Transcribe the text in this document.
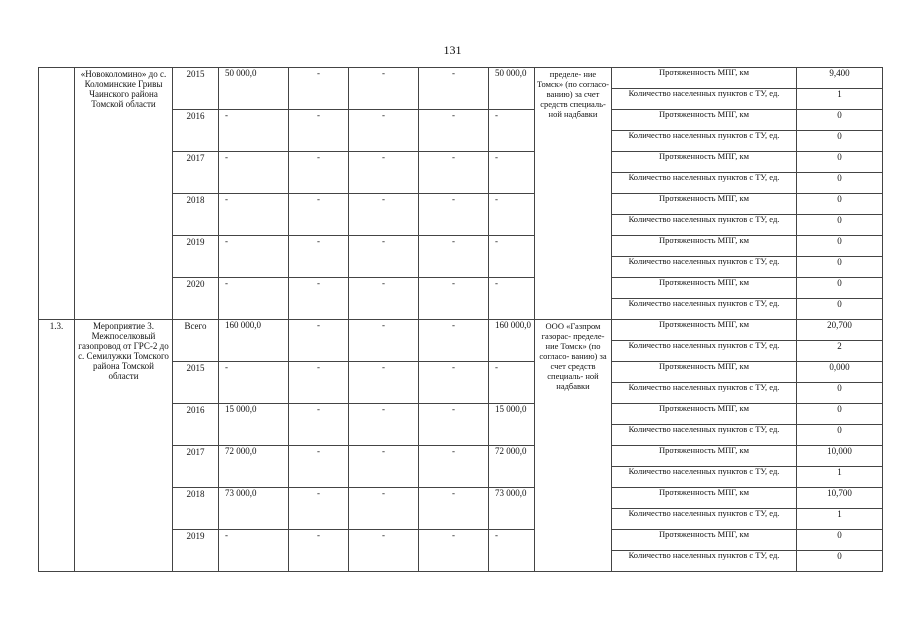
131
	«Новоколомино» до с. Коломинские Гривы Чаинского района Томской области	2015	50 000,0	-	-	-	50 000,0	пределе- ние Томск» (по согласо- ванию) за счет средств специаль- ной надбавки	Протяженность МПГ, км	9,400
									Количество населенных пунктов с ТУ, ед.	1
		2016	-	-	-	-	-		Протяженность МПГ, км	0
									Количество населенных пунктов с ТУ, ед.	0
		2017	-	-	-	-	-		Протяженность МПГ, км	0
									Количество населенных пунктов с ТУ, ед.	0
		2018	-	-	-	-	-		Протяженность МПГ, км	0
									Количество населенных пунктов с ТУ, ед.	0
		2019	-	-	-	-	-		Протяженность МПГ, км	0
									Количество населенных пунктов с ТУ, ед.	0
		2020	-	-	-	-	-		Протяженность МПГ, км	0
									Количество населенных пунктов с ТУ, ед.	0
1.3.	Мероприятие 3. Межпоселковый газопровод от ГРС-2 до с. Семилужки Томского района Томской области	Всего	160 000,0	-	-	-	160 000,0	ООО «Газпром газорас- пределе- ние Томск» (по согласо- ванию) за счет средств специаль- ной надбавки	Протяженность МПГ, км	20,700
									Количество населенных пунктов с ТУ, ед.	2
		2015	-	-	-	-	-		Протяженность МПГ, км	0,000
									Количество населенных пунктов с ТУ, ед.	0
		2016	15 000,0	-	-	-	15 000,0		Протяженность МПГ, км	0
									Количество населенных пунктов с ТУ, ед.	0
		2017	72 000,0	-	-	-	72 000,0		Протяженность МПГ, км	10,000
									Количество населенных пунктов с ТУ, ед.	1
		2018	73 000,0	-	-	-	73 000,0		Протяженность МПГ, км	10,700
									Количество населенных пунктов с ТУ, ед.	1
		2019	-	-	-	-	-		Протяженность МПГ, км	0
									Количество населенных пунктов с ТУ, ед.	0
